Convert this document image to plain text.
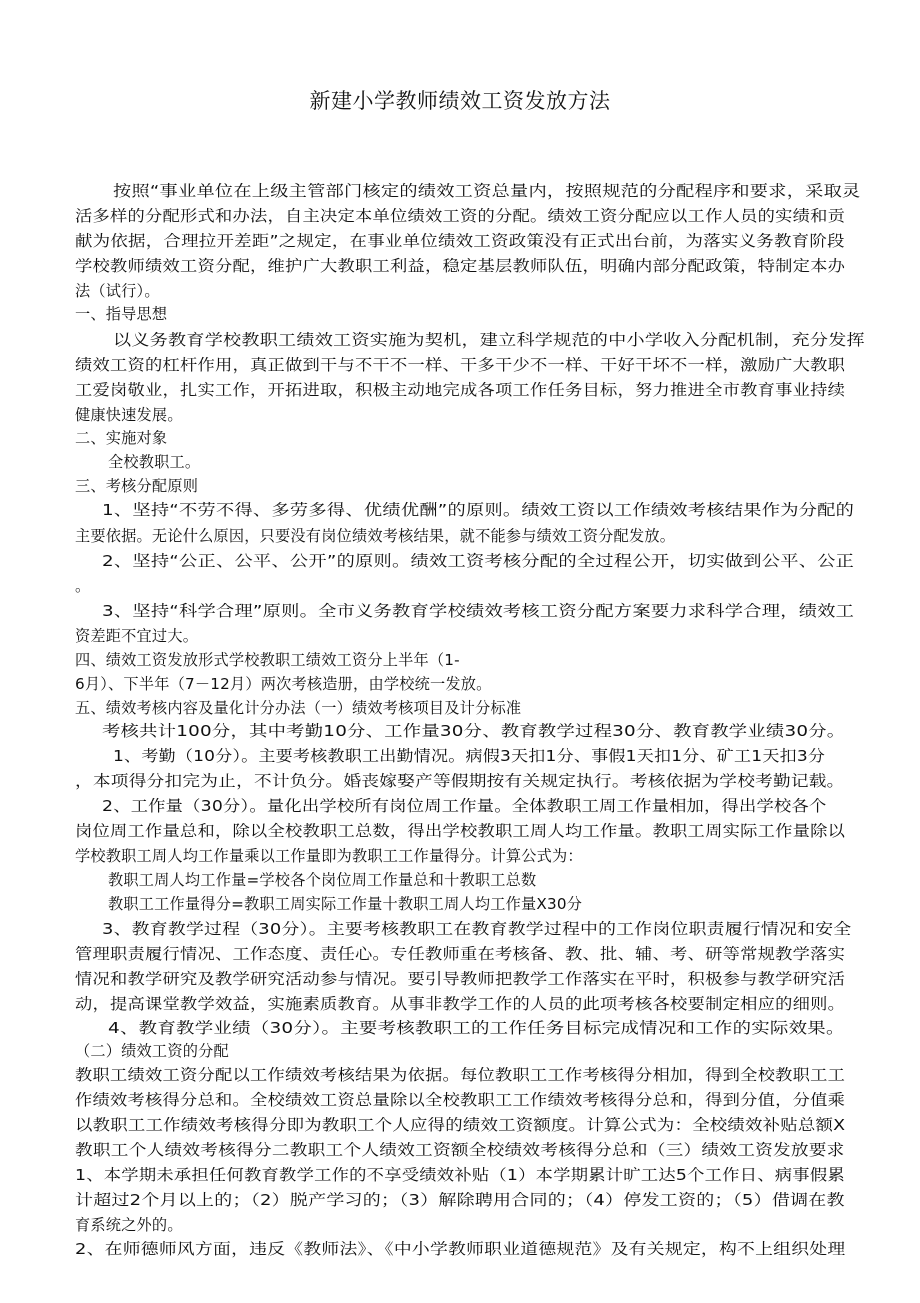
新建小学教师绩效工资发放方法
按照“事业单位在上级主管部门核定的绩效工资总量内，按照规范的分配程序和要求，采取灵
活多样的分配形式和办法，自主决定本单位绩效工资的分配。绩效工资分配应以工作人员的实绩和贡
献为依据，合理拉开差距”之规定，在事业单位绩效工资政策没有正式出台前，为落实义务教育阶段
学校教师绩效工资分配，维护广大教职工利益，稳定基层教师队伍，明确内部分配政策，特制定本办
法（试行）。
一、指导思想
以义务教育学校教职工绩效工资实施为契机，建立科学规范的中小学收入分配机制，充分发挥
绩效工资的杠杆作用，真正做到干与不干不一样、干多干少不一样、干好干坏不一样，激励广大教职
工爱岗敬业，扎实工作，开拓进取，积极主动地完成各项工作任务目标，努力推进全市教育事业持续
健康快速发展。
二、实施对象
全校教职工。
三、考核分配原则
1、坚持“不劳不得、多劳多得、优绩优酬”的原则。绩效工资以工作绩效考核结果作为分配的
主要依据。无论什么原因，只要没有岗位绩效考核结果，就不能参与绩效工资分配发放。
2、坚持“公正、公平、公开”的原则。绩效工资考核分配的全过程公开，切实做到公平、公正
。
3、坚持“科学合理”原则。全市义务教育学校绩效考核工资分配方案要力求科学合理，绩效工
资差距不宜过大。
四、绩效工资发放形式学校教职工绩效工资分上半年（1-
6月）、下半年（7－12月）两次考核造册，由学校统一发放。
五、绩效考核内容及量化计分办法（一）绩效考核项目及计分标准
考核共计100分，其中考勤10分、工作量30分、教育教学过程30分、教育教学业绩30分。
1、考勤（10分）。主要考核教职工出勤情况。病假3天扣1分、事假1天扣1分、矿工1天扣3分
，本项得分扣完为止，不计负分。婚丧嫁娶产等假期按有关规定执行。考核依据为学校考勤记载。
2、工作量（30分）。量化出学校所有岗位周工作量。全体教职工周工作量相加，得出学校各个
岗位周工作量总和，除以全校教职工总数，得出学校教职工周人均工作量。教职工周实际工作量除以
学校教职工周人均工作量乘以工作量即为教职工工作量得分。计算公式为：
教职工周人均工作量=学校各个岗位周工作量总和十教职工总数
教职工工作量得分=教职工周实际工作量十教职工周人均工作量X30分
3、教育教学过程（30分）。主要考核教职工在教育教学过程中的工作岗位职责履行情况和安全
管理职责履行情况、工作态度、责任心。专任教师重在考核备、教、批、辅、考、研等常规教学落实
情况和教学研究及教学研究活动参与情况。要引导教师把教学工作落实在平时，积极参与教学研究活
动，提高课堂教学效益，实施素质教育。从事非教学工作的人员的此项考核各校要制定相应的细则。
4、教育教学业绩（30分）。主要考核教职工的工作任务目标完成情况和工作的实际效果。
（二）绩效工资的分配
教职工绩效工资分配以工作绩效考核结果为依据。每位教职工工作考核得分相加，得到全校教职工工
作绩效考核得分总和。全校绩效工资总量除以全校教职工工作绩效考核得分总和，得到分值，分值乘
以教职工工作绩效考核得分即为教职工个人应得的绩效工资额度。计算公式为：全校绩效补贴总额X
教职工个人绩效考核得分二教职工个人绩效工资额全校绩效考核得分总和（三）绩效工资发放要求
1、本学期未承担任何教育教学工作的不享受绩效补贴（1）本学期累计旷工达5个工作日、病事假累
计超过2个月以上的；（2）脱产学习的；（3）解除聘用合同的；（4）停发工资的；（5）借调在教
育系统之外的。
2、在师德师风方面，违反《教师法》、《中小学教师职业道德规范》及有关规定，构不上组织处理
